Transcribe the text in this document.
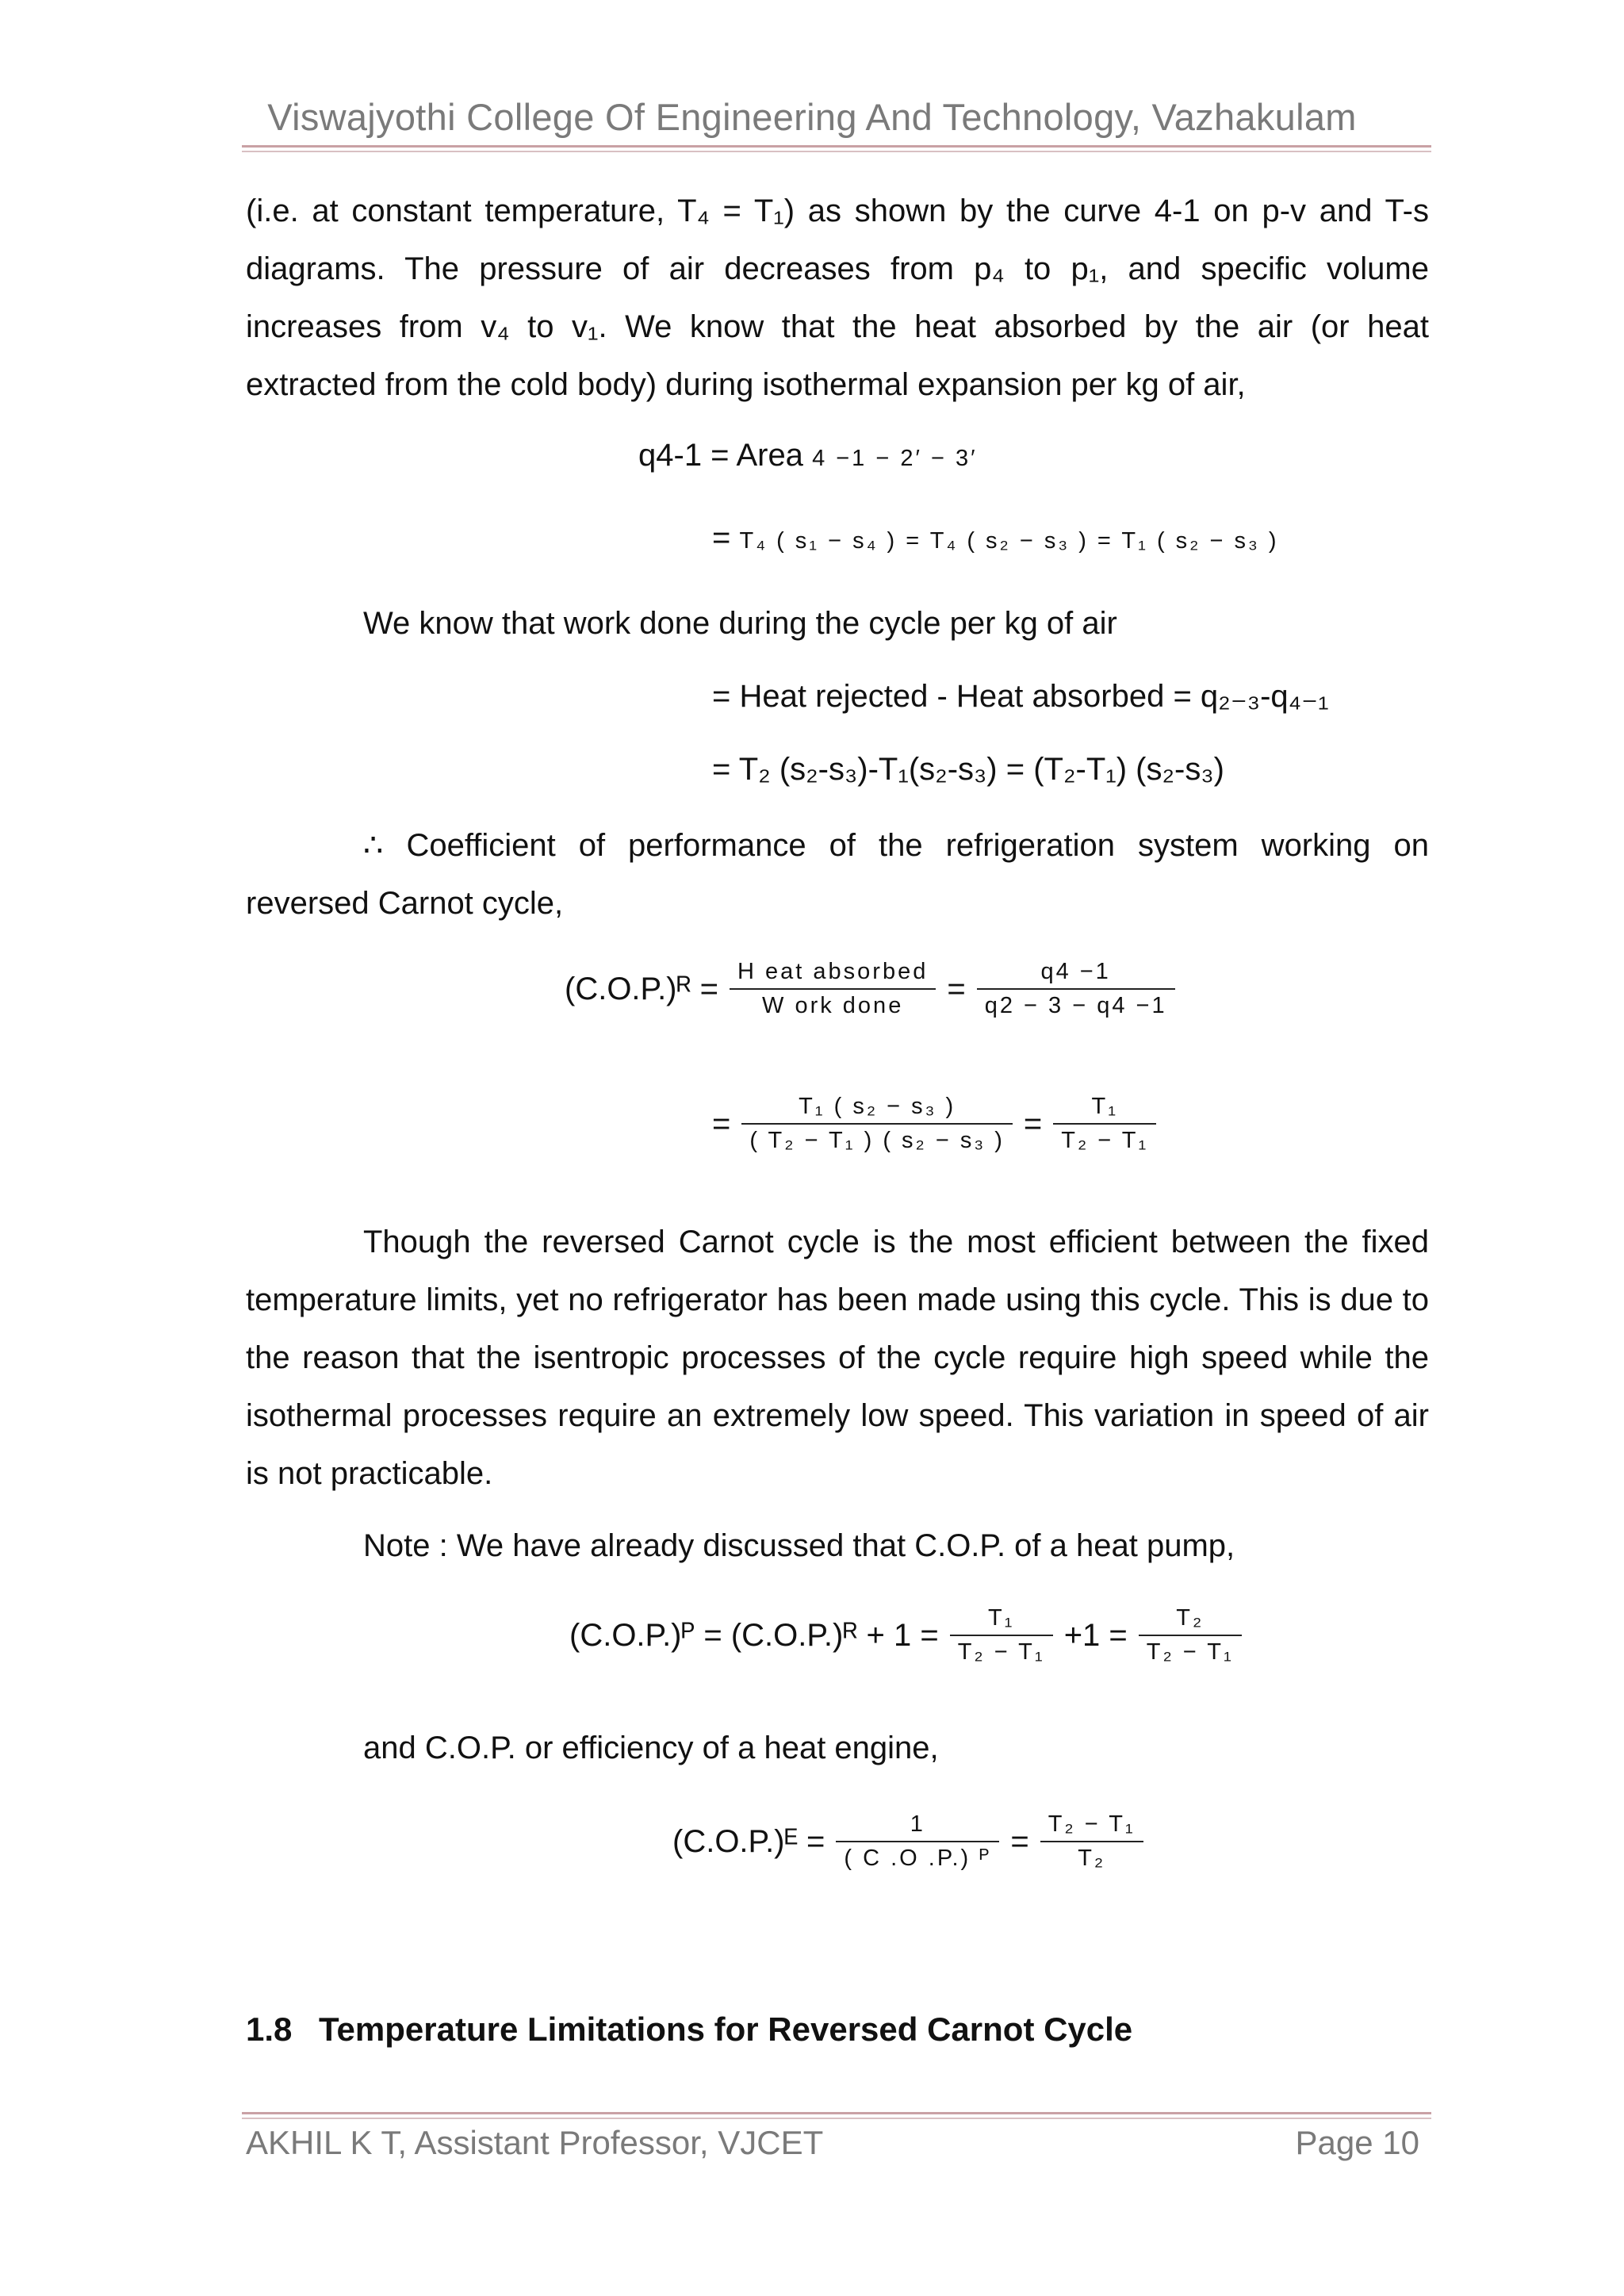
Viswajyothi College Of Engineering And Technology, Vazhakulam
(i.e. at constant temperature, T₄ = T₁) as shown by the curve 4-1 on p-v and T-s diagrams. The pressure of air decreases from p₄ to p₁, and specific volume increases from v₄ to v₁. We know that the heat absorbed by the air (or heat extracted from the cold body) during isothermal expansion per kg of air,
q4-1 = Area 4 −1 − 2′ − 3′
= T₄ ( s₁ − s₄ ) = T₄ ( s₂ − s₃ ) = T₁ ( s₂ − s₃ )
We know that work done during the cycle per kg of air
= Heat rejected - Heat absorbed = q₂₋₃-q₄₋₁
= T₂ (s₂-s₃)-T₁(s₂-s₃) = (T₂-T₁) (s₂-s₃)
∴ Coefficient of performance of the refrigeration system working on reversed Carnot cycle,
(C.O.P.)ᴿ = $\frac{\text{H eat absorbed}}{\text{W ork done}} = \frac{q4 -1}{q2 - 3 - q4 -1}$
= $\frac{\text{T₁ ( s₂ − s₃ )}}{\text{( T₂ − T₁ ) ( s₂ − s₃ )}} = \frac{\text{T₁}}{\text{T₂ − T₁}}$
Though the reversed Carnot cycle is the most efficient between the fixed temperature limits, yet no refrigerator has been made using this cycle. This is due to the reason that the isentropic processes of the cycle require high speed while the isothermal processes require an extremely low speed. This variation in speed of air is not practicable.
Note : We have already discussed that C.O.P. of a heat pump,
(C.O.P.)ᴾ = (C.O.P.)ᴿ + $1 = \frac{\text{T₁}}{\text{T₂ − T₁}} +1 = \frac{\text{T₂}}{\text{T₂ − T₁}}$
and C.O.P. or efficiency of a heat engine,
(C.O.P.)ᴱ = $\frac{1}{\text{( C .O .P.) ᴾ}} = \frac{\text{T₂ − T₁}}{\text{T₂}}$
1.8 Temperature Limitations for Reversed Carnot Cycle
AKHIL K T, Assistant Professor, VJCET	Page 10
